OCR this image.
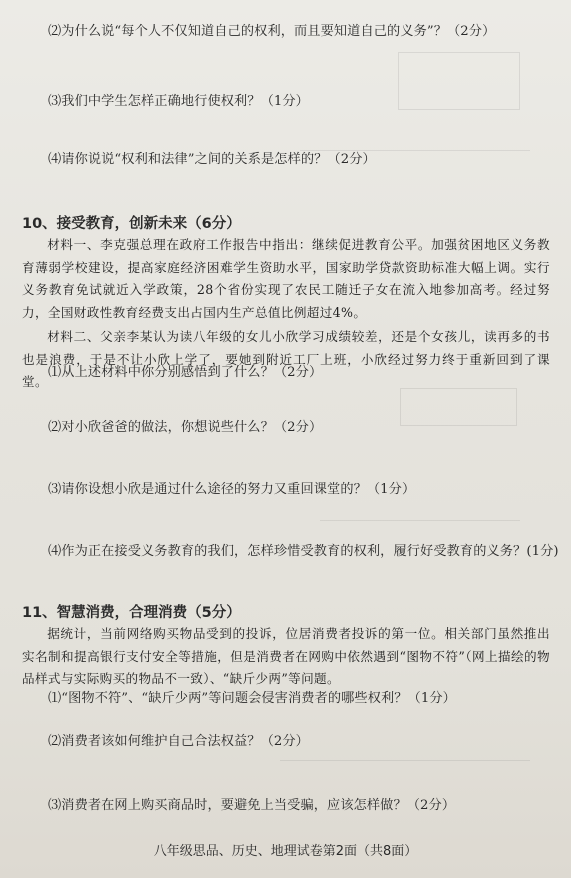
⑵为什么说“每个人不仅知道自己的权利，而且要知道自己的义务”？（2分）
⑶我们中学生怎样正确地行使权利？（1分）
⑷请你说说“权利和法律”之间的关系是怎样的？（2分）
10、接受教育，创新未来（6分）
材料一、李克强总理在政府工作报告中指出：继续促进教育公平。加强贫困地区义务教育薄弱学校建设，提高家庭经济困难学生资助水平，国家助学贷款资助标准大幅上调。实行义务教育免试就近入学政策，28个省份实现了农民工随迁子女在流入地参加高考。经过努力，全国财政性教育经费支出占国内生产总值比例超过4%。
材料二、父亲李某认为读八年级的女儿小欣学习成绩较差，还是个女孩儿，读再多的书也是浪费，于是不让小欣上学了，要她到附近工厂上班，小欣经过努力终于重新回到了课堂。
⑴从上述材料中你分别感悟到了什么？（2分）
⑵对小欣爸爸的做法，你想说些什么？（2分）
⑶请你设想小欣是通过什么途径的努力又重回课堂的？（1分）
⑷作为正在接受义务教育的我们，怎样珍惜受教育的权利，履行好受教育的义务？(1分)
11、智慧消费，合理消费（5分）
据统计，当前网络购买物品受到的投诉，位居消费者投诉的第一位。相关部门虽然推出实名制和提高银行支付安全等措施，但是消费者在网购中依然遇到“图物不符”（网上描绘的物品样式与实际购买的物品不一致）、“缺斤少两”等问题。
⑴“图物不符”、“缺斤少两”等问题会侵害消费者的哪些权利？（1分）
⑵消费者该如何维护自己合法权益？（2分）
⑶消费者在网上购买商品时，要避免上当受骗，应该怎样做？（2分）
八年级思品、历史、地理试卷第2面（共8面）
